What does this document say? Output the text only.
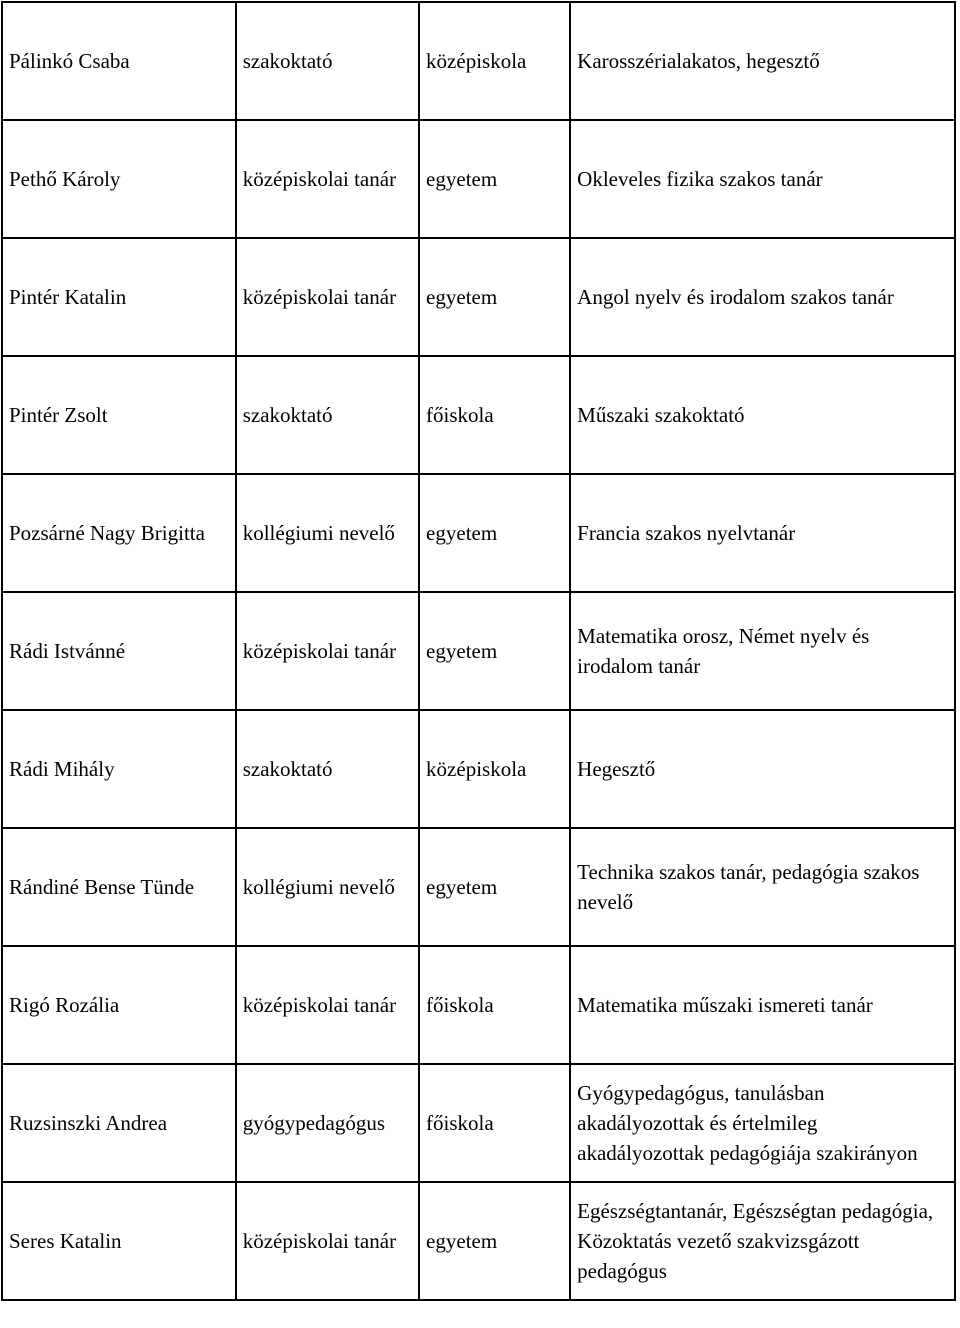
Pálinkó Csaba	szakoktató	középiskola	Karosszérialakatos, hegesztő
Pethő Károly	középiskolai tanár	egyetem	Okleveles fizika szakos tanár
Pintér Katalin	középiskolai tanár	egyetem	Angol nyelv és irodalom szakos tanár
Pintér Zsolt	szakoktató	főiskola	Műszaki szakoktató
Pozsárné Nagy Brigitta	kollégiumi nevelő	egyetem	Francia szakos nyelvtanár
Rádi Istvánné	középiskolai tanár	egyetem	Matematika orosz, Német nyelv és irodalom tanár
Rádi Mihály	szakoktató	középiskola	Hegesztő
Rándiné Bense Tünde	kollégiumi nevelő	egyetem	Technika szakos tanár, pedagógia szakos nevelő
Rigó Rozália	középiskolai tanár	főiskola	Matematika műszaki ismereti tanár
Ruzsinszki Andrea	gyógypedagógus	főiskola	Gyógypedagógus, tanulásban akadályozottak és értelmileg akadályozottak pedagógiája szakirányon
Seres Katalin	középiskolai tanár	egyetem	Egészségtantanár, Egészségtan pedagógia, Közoktatás vezető szakvizsgázott pedagógus
